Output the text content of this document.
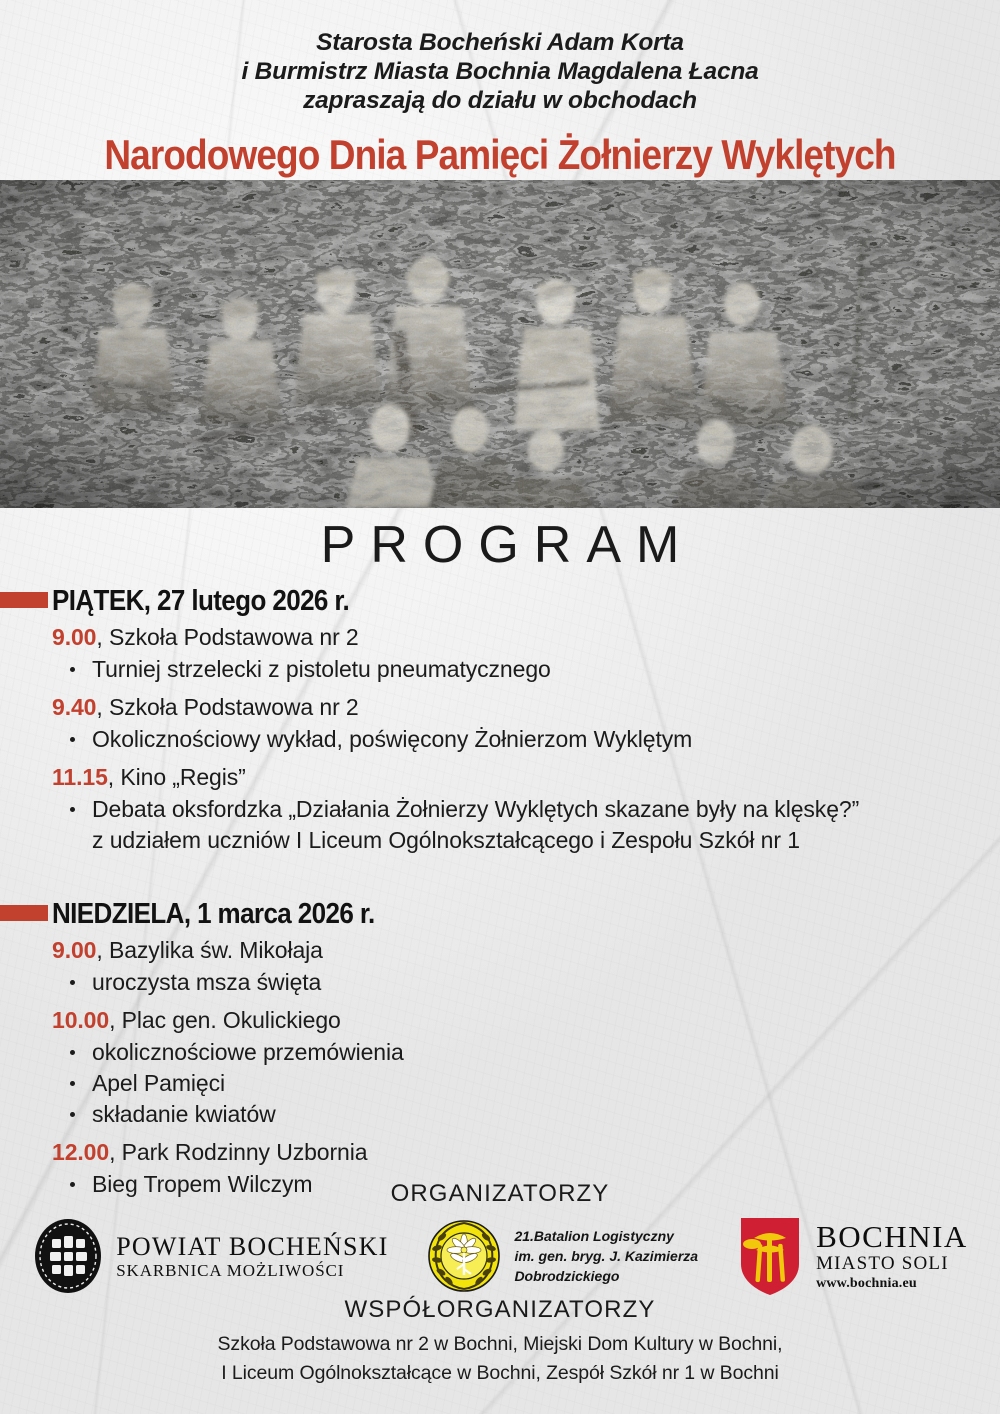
Starosta Bocheński Adam Korta
i Burmistrz Miasta Bochnia Magdalena Łacna
zapraszają do działu w obchodach
Narodowego Dnia Pamięci Żołnierzy Wyklętych
PROGRAM
PIĄTEK, 27 lutego 2026 r.
9.00, Szkoła Podstawowa nr 2
Turniej strzelecki z pistoletu pneumatycznego
9.40, Szkoła Podstawowa nr 2
Okolicznościowy wykład, poświęcony Żołnierzom Wyklętym
11.15, Kino „Regis”
Debata oksfordzka „Działania Żołnierzy Wyklętych skazane były na klęskę?”
z udziałem uczniów I Liceum Ogólnokształcącego i Zespołu Szkół nr 1
NIEDZIELA, 1 marca 2026 r.
9.00, Bazylika św. Mikołaja
uroczysta msza święta
10.00, Plac gen. Okulickiego
okolicznościowe przemówienia
Apel Pamięci
składanie kwiatów
12.00, Park Rodzinny Uzbornia
Bieg Tropem Wilczym	ORGANIZATORZY
POWIAT BOCHEŃSKI
SKARBNICA MOŻLIWOŚCI
21.Batalion Logistyczny
im. gen. bryg. J. Kazimierza
Dobrodzickiego
BOCHNIA
MIASTO SOLI
www.bochnia.eu
WSPÓŁORGANIZATORZY
Szkoła Podstawowa nr 2 w Bochni, Miejski Dom Kultury w Bochni,
I Liceum Ogólnokształcące w Bochni, Zespół Szkół nr 1 w Bochni
